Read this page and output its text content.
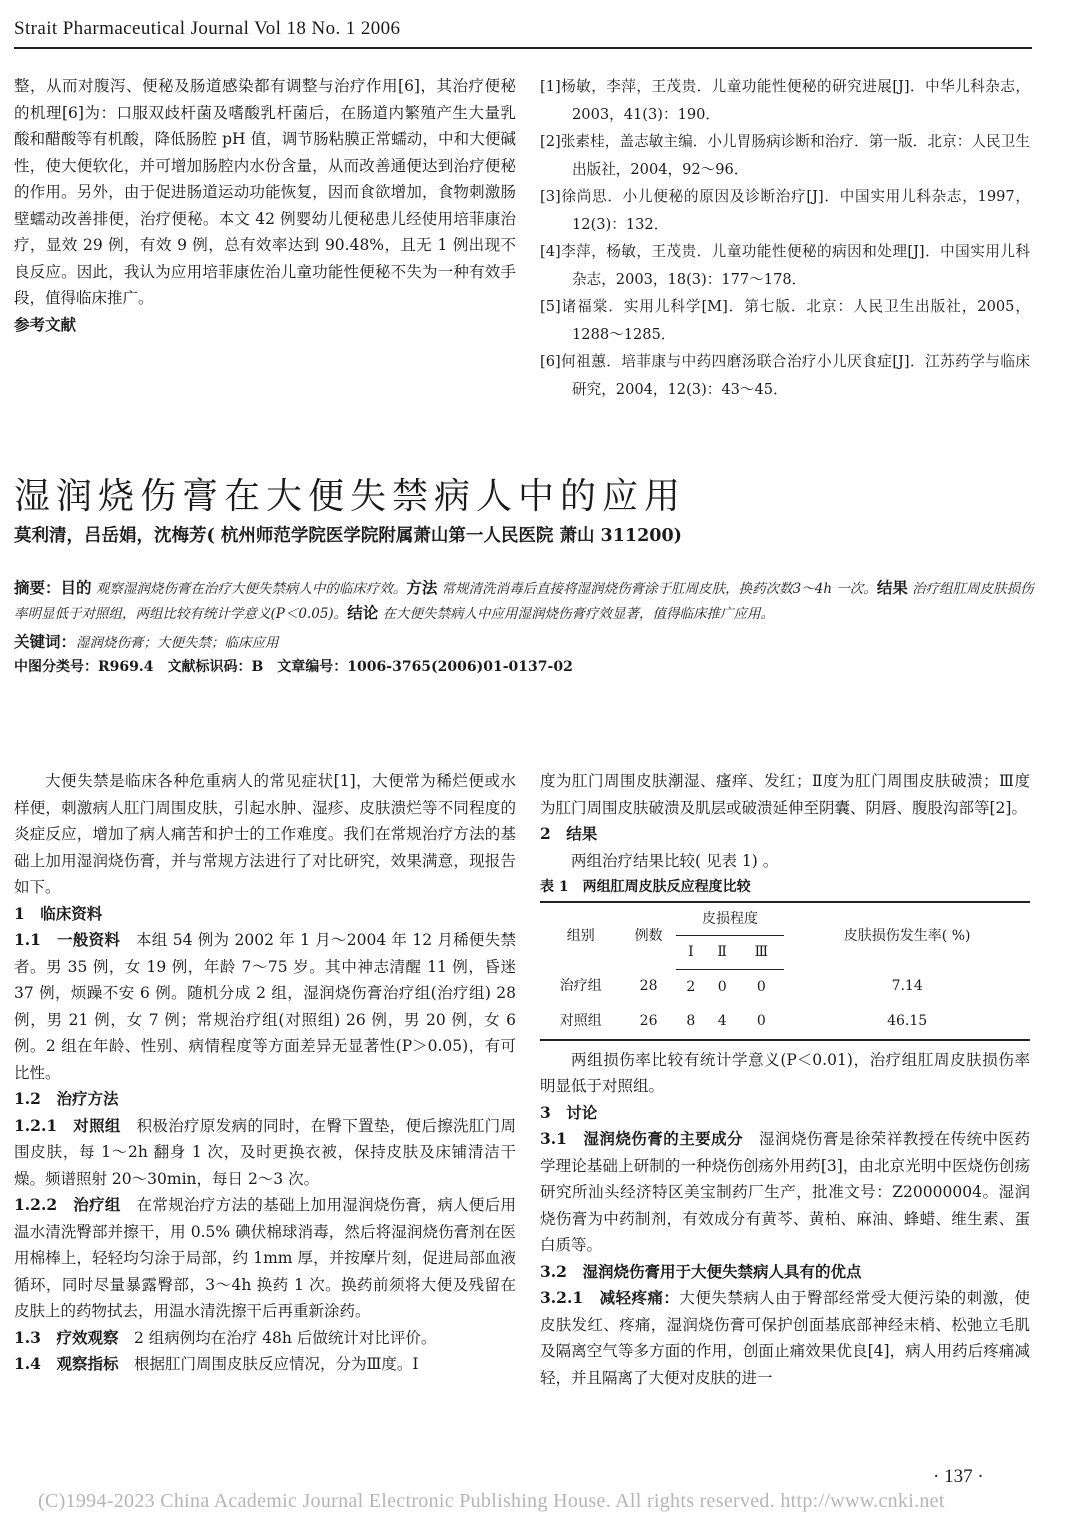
Strait Pharmaceutical Journal Vol 18 No. 1 2006

整，从而对腹泻、便秘及肠道感染都有调整与治疗作用[6]，其治疗便秘的机理[6]为：口服双歧杆菌及嗜酸乳杆菌后，在肠道内繁殖产生大量乳酸和醋酸等有机酸，降低肠腔 pH 值，调节肠粘膜正常蠕动，中和大便碱性，使大便软化，并可增加肠腔内水份含量，从而改善通便达到治疗便秘的作用。另外，由于促进肠道运动功能恢复，因而食欲增加，食物刺激肠壁蠕动改善排便，治疗便秘。本文 42 例婴幼儿便秘患儿经使用培菲康治疗，显效 29 例，有效 9 例，总有效率达到 90.48%，且无 1 例出现不良反应。因此，我认为应用培菲康佐治儿童功能性便秘不失为一种有效手段，值得临床推广。

参考文献

[1]杨敏，李萍，王茂贵．儿童功能性便秘的研究进展[J]．中华儿科杂志，2003，41(3)：190．

[2]张素桂，盖志敏主编．小儿胃肠病诊断和治疗．第一版．北京：人民卫生出版社，2004，92～96．

[3]徐尚思．小儿便秘的原因及诊断治疗[J]．中国实用儿科杂志，1997，12(3)：132．

[4]李萍，杨敏，王茂贵．儿童功能性便秘的病因和处理[J]．中国实用儿科杂志，2003，18(3)：177～178．

[5]诸福棠．实用儿科学[M]．第七版．北京：人民卫生出版社，2005，1288～1285．

[6]何祖蕙．培菲康与中药四磨汤联合治疗小儿厌食症[J]．江苏药学与临床研究，2004，12(3)：43～45．

湿润烧伤膏在大便失禁病人中的应用
莫利清，吕岳娟，沈梅芳( 杭州师范学院医学院附属萧山第一人民医院 萧山 311200)

摘要：目的 观察湿润烧伤膏在治疗大便失禁病人中的临床疗效。方法 常规清洗消毒后直接将湿润烧伤膏涂于肛周皮肤，换药次数3～4h 一次。结果 治疗组肛周皮肤损伤率明显低于对照组，两组比较有统计学意义(P＜0.05)。结论 在大便失禁病人中应用湿润烧伤膏疗效显著，值得临床推广应用。

关键词：湿润烧伤膏；大便失禁；临床应用

中图分类号：R969.4　文献标识码：B　文章编号：1006-3765(2006)01-0137-02

大便失禁是临床各种危重病人的常见症状[1]，大便常为稀烂便或水样便，刺激病人肛门周围皮肤，引起水肿、湿疹、皮肤溃烂等不同程度的炎症反应，增加了病人痛苦和护士的工作难度。我们在常规治疗方法的基础上加用湿润烧伤膏，并与常规方法进行了对比研究，效果满意，现报告如下。

1　临床资料

1.1　一般资料　 本组 54 例为 2002 年 1 月～2004 年 12 月稀便失禁者。男 35 例，女 19 例，年龄 7～75 岁。其中神志清醒 11 例，昏迷 37 例，烦躁不安 6 例。随机分成 2 组，湿润烧伤膏治疗组(治疗组) 28 例，男 21 例，女 7 例；常规治疗组(对照组) 26 例，男 20 例，女 6 例。2 组在年龄、性别、病情程度等方面差异无显著性(P＞0.05)，有可比性。

1.2　治疗方法

1.2.1　对照组　 积极治疗原发病的同时，在臀下置垫，便后擦洗肛门周围皮肤，每 1～2h 翻身 1 次，及时更换衣被，保持皮肤及床铺清洁干燥。频谱照射 20～30min，每日 2～3 次。

1.2.2　治疗组　 在常规治疗方法的基础上加用湿润烧伤膏，病人便后用温水清洗臀部并擦干，用 0.5% 碘伏棉球消毒，然后将湿润烧伤膏剂在医用棉棒上，轻轻均匀涂于局部，约 1mm 厚，并按摩片刻，促进局部血液循环，同时尽量暴露臀部，3～4h 换药 1 次。换药前须将大便及残留在皮肤上的药物拭去，用温水清洗擦干后再重新涂药。

1.3　疗效观察　 2 组病例均在治疗 48h 后做统计对比评价。

1.4　观察指标　 根据肛门周围皮肤反应情况，分为Ⅲ度。Ⅰ

度为肛门周围皮肤潮湿、瘙痒、发红；Ⅱ度为肛门周围皮肤破溃；Ⅲ度为肛门周围皮肤破溃及肌层或破溃延伸至阴囊、阴唇、腹股沟部等[2]。

2　结果

两组治疗结果比较( 见表 1) 。

表 1　两组肛周皮肤反应程度比较

组别	例数	皮损程度			皮肤损伤发生率( %)
		Ⅰ	Ⅱ	Ⅲ	
治疗组	28	2	0	0	7.14
对照组	26	8	4	0	46.15

两组损伤率比较有统计学意义(P＜0.01)，治疗组肛周皮肤损伤率明显低于对照组。

3　讨论

3.1　湿润烧伤膏的主要成分　 湿润烧伤膏是徐荣祥教授在传统中医药学理论基础上研制的一种烧伤创疡外用药[3]，由北京光明中医烧伤创疡研究所汕头经济特区美宝制药厂生产，批准文号：Z20000004。湿润烧伤膏为中药制剂，有效成分有黄芩、黄柏、麻油、蜂蜡、维生素、蛋白质等。

3.2　湿润烧伤膏用于大便失禁病人具有的优点

3.2.1　减轻疼痛：大便失禁病人由于臀部经常受大便污染的刺激，使皮肤发红、疼痛，湿润烧伤膏可保护创面基底部神经末梢、松弛立毛肌及隔离空气等多方面的作用，创面止痛效果优良[4]，病人用药后疼痛减轻，并且隔离了大便对皮肤的进一

· 137 ·
(C)1994-2023 China Academic Journal Electronic Publishing House. All rights reserved. http://www.cnki.net
